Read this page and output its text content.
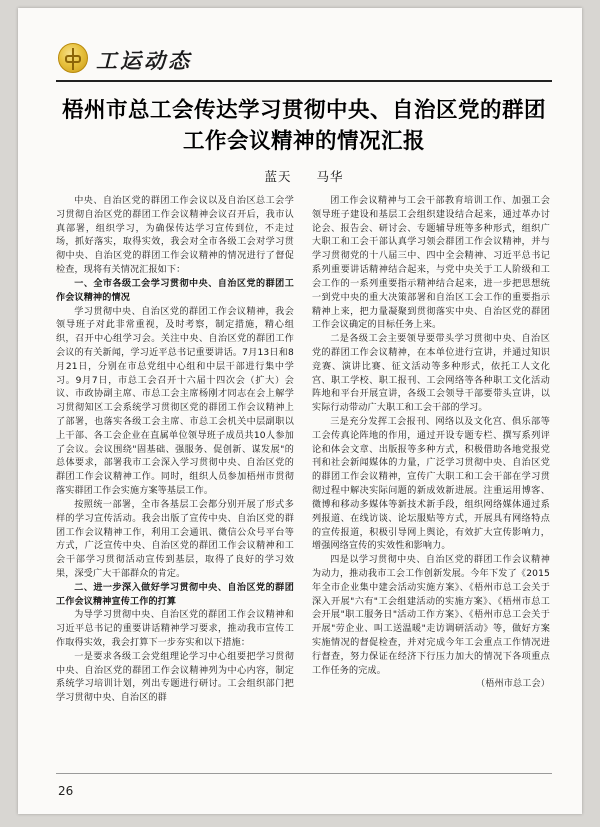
工运动态
梧州市总工会传达学习贯彻中央、自治区党的群团工作会议精神的情况汇报
蓝天 马华

中央、自治区党的群团工作会议以及自治区总工会学习贯彻自治区党的群团工作会议精神会议召开后，我市认真部署，组织学习，为确保传达学习宣传到位，不走过场，抓好落实，取得实效，我会对全市各级工会对学习贯彻中央、自治区党的群团工作会议精神的情况进行了督促检查，现将有关情况汇报如下：

一、全市各级工会学习贯彻中央、自治区党的群团工作会议精神的情况

学习贯彻中央、自治区党的群团工作会议精神，我会领导班子对此非常重视，及时考察，制定措施，精心组织，召开中心组学习会。关注中央、自治区党的群团工作会议的有关新闻，学习近平总书记重要讲话。7月13日和8月21日，分别在市总党组中心组和中层干部进行集中学习。9月7日，市总工会召开十六届十四次会（扩大）会议、市政协副主席、市总工会主席杨刚才同志在会上解学习贯彻知区工会系统学习贯彻区党的群团工作会议精神上了部署，也落实各级工会主席、市总工会机关中层副职以上干部、各工会企业在直属单位领导班子成员共10人参加了会议。会议围绕"固基础、强服务、促创新、谋发展"的总体要求，部署我市工会深入学习贯彻中央、自治区党的群团工作会议精神工作。同时，组织人员参加梧州市贯彻落实群团工作会实施方案等基层工作。

按照统一部署，全市各基层工会都分别开展了形式多样的学习宣传活动。我会出版了宣传中央、自治区党的群团工作会议精神工作，利用工会通讯、微信公众号平台等方式，广泛宣传中央、自治区党的群团工作会议精神和工会干部学习贯彻活动宣传到基层，取得了良好的学习效果，深受广大干部群众的肯定。

二、进一步深入做好学习贯彻中央、自治区党的群团工作会议精神宣传工作的打算

为导学习贯彻中央、自治区党的群团工作会议精神和习近平总书记的重要讲话精神学习要求，推动我市宣传工作取得实效，我会打算下一步夯实和以下措施：

一是要求各级工会党组理论学习中心组要把学习贯彻中央、自治区党的群团工作会议精神列为中心内容，制定系统学习培训计划，列出专题进行研讨。工会组织部门把学习贯彻中央、自治区的群

团工作会议精神与工会干部教育培训工作、加强工会领导班子建设和基层工会组织建设结合起来，通过革办讨论会、报告会、研讨会、专题辅导班等多种形式，组织广大职工和工会干部认真学习领会群团工作会议精神，并与学习贯彻党的十八届三中、四中全会精神、习近平总书记系列重要讲话精神结合起来，与党中央关于工人阶级和工会工作的一系列重要指示精神结合起来，进一步把思想统一到党中央的重大决策部署和自治区工会工作的重要指示精神上来，把力量凝聚到贯彻落实中央、自治区党的群团工作会议确定的目标任务上来。

二是各级工会主要领导要带头学习贯彻中央、自治区党的群团工作会议精神，在本单位进行宣讲，并通过知识竞赛、演讲比赛、征文活动等多种形式，依托工人文化宫、职工学校、职工报刊、工会网络等各种职工文化活动阵地和平台开展宣讲，各级工会领导干部要带头宣讲，以实际行动带动广大职工和工会干部的学习。

三是充分发挥工会报刊、网络以及文化宫、俱乐部等工会传真论阵地的作用，通过开设专题专栏、撰写系列评论和体会文章、出版报等多种方式，积极借助各地党报党刊和社会新闻媒体的力量，广泛学习贯彻中央、自治区党的群团工作会议精神，宣传广大职工和工会干部在学习贯彻过程中解决实际问题的新成效新进展。注重运用博客、微博和移动多媒体等新技术新手段，组织网络媒体通过系列报道、在线访谈、论坛服贴等方式，开展具有网络特点的宣传报道，积极引导网上舆论，有效扩大宣传影响力，增强网络宣传的实效性和影响力。

四是以学习贯彻中央、自治区党的群团工作会议精神为动力，推动我市工会工作创新发展。今年下发了《2015年全市企业集中建会活动实施方案》、《梧州市总工会关于深入开展"六有"工会组建活动的实施方案》、《梧州市总工会开展"职工服务日"活动工作方案》、《梧州市总工会关于开展"劳企业、叫工送温暖"走访调研活动》等，做好方案实施情况的督促检查，并对完成今年工会重点工作情况进行督查，努力保证在经济下行压力加大的情况下各项重点工作任务的完成。

（梧州市总工会）

26
